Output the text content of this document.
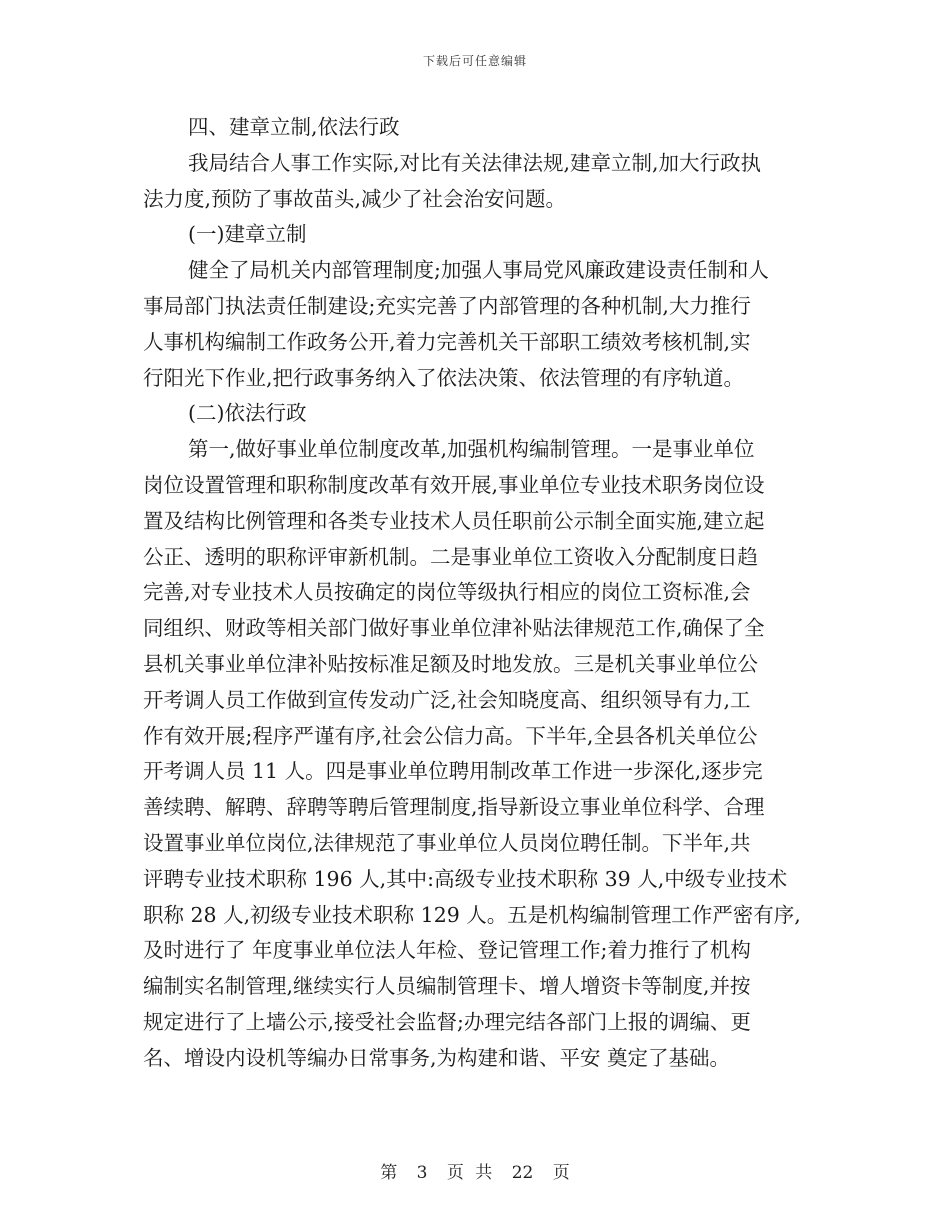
下载后可任意编辑
四、建章立制,依法行政
我局结合人事工作实际,对比有关法律法规,建章立制,加大行政执
法力度,预防了事故苗头,减少了社会治安问题。
(一)建章立制
健全了局机关内部管理制度;加强人事局党风廉政建设责任制和人
事局部门执法责任制建设;充实完善了内部管理的各种机制,大力推行
人事机构编制工作政务公开,着力完善机关干部职工绩效考核机制,实
行阳光下作业,把行政事务纳入了依法决策、依法管理的有序轨道。
(二)依法行政
第一,做好事业单位制度改革,加强机构编制管理。一是事业单位
岗位设置管理和职称制度改革有效开展,事业单位专业技术职务岗位设
置及结构比例管理和各类专业技术人员任职前公示制全面实施,建立起
公正、透明的职称评审新机制。二是事业单位工资收入分配制度日趋
完善,对专业技术人员按确定的岗位等级执行相应的岗位工资标准,会
同组织、财政等相关部门做好事业单位津补贴法律规范工作,确保了全
县机关事业单位津补贴按标准足额及时地发放。三是机关事业单位公
开考调人员工作做到宣传发动广泛,社会知晓度高、组织领导有力,工
作有效开展;程序严谨有序,社会公信力高。下半年,全县各机关单位公
开考调人员 11 人。四是事业单位聘用制改革工作进一步深化,逐步完
善续聘、解聘、辞聘等聘后管理制度,指导新设立事业单位科学、合理
设置事业单位岗位,法律规范了事业单位人员岗位聘任制。下半年,共
评聘专业技术职称 196 人,其中:高级专业技术职称 39 人,中级专业技术
职称 28 人,初级专业技术职称 129 人。五是机构编制管理工作严密有序,
及时进行了 年度事业单位法人年检、登记管理工作;着力推行了机构
编制实名制管理,继续实行人员编制管理卡、增人增资卡等制度,并按
规定进行了上墙公示,接受社会监督;办理完结各部门上报的调编、更
名、增设内设机等编办日常事务,为构建和谐、平安 奠定了基础。
第 3 页 共 22 页
